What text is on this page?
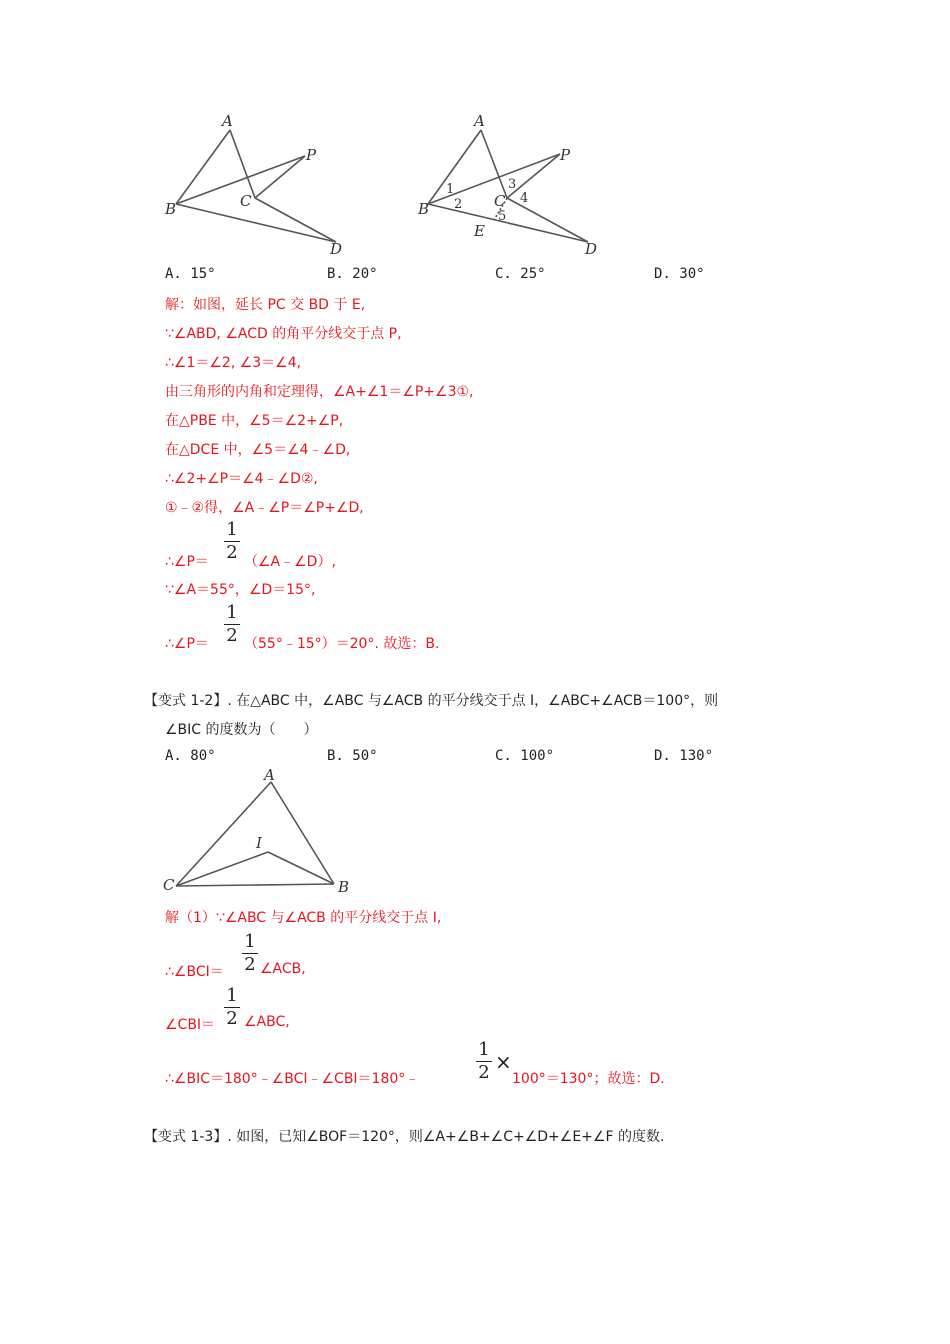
A
B	C
P
D
A
B	C
P
D
E
1
2
3
4
5
A. 15°	B. 20°	C. 25°	D. 30°
解：如图，延长 PC 交 BD 于 E,
∵∠ABD, ∠ACD 的角平分线交于点 P,
∴∠1＝∠2, ∠3＝∠4,
由三角形的内角和定理得，∠A+∠1＝∠P+∠3①,
在△PBE 中，∠5＝∠2+∠P,
在△DCE 中，∠5＝∠4﹣∠D,
∴∠2+∠P＝∠4﹣∠D②,
①﹣②得，∠A﹣∠P＝∠P+∠D,
∴∠P＝
1
2 （∠A﹣∠D）,
∵∠A＝55°，∠D＝15°,
∴∠P＝
1
2 （55°﹣15°）＝20°. 故选：B.
【变式 1-2】. 在△ABC 中，∠ABC 与∠ACB 的平分线交于点 I，∠ABC+∠ACB＝100°，则
∠BIC 的度数为（　　）
A. 80°	B. 50°	C. 100°	D. 130°
A
I
C	B
解（1）∵∠ABC 与∠ACB 的平分线交于点 I,
∴∠BCI＝
1
2 ∠ACB,
∠CBI＝
1
2 ∠ABC,
∴∠BIC＝180°﹣∠BCI﹣∠CBI＝180°﹣
1
2 ×
100°＝130°；故选：D.
【变式 1-3】. 如图，已知∠BOF＝120°，则∠A+∠B+∠C+∠D+∠E+∠F 的度数.
